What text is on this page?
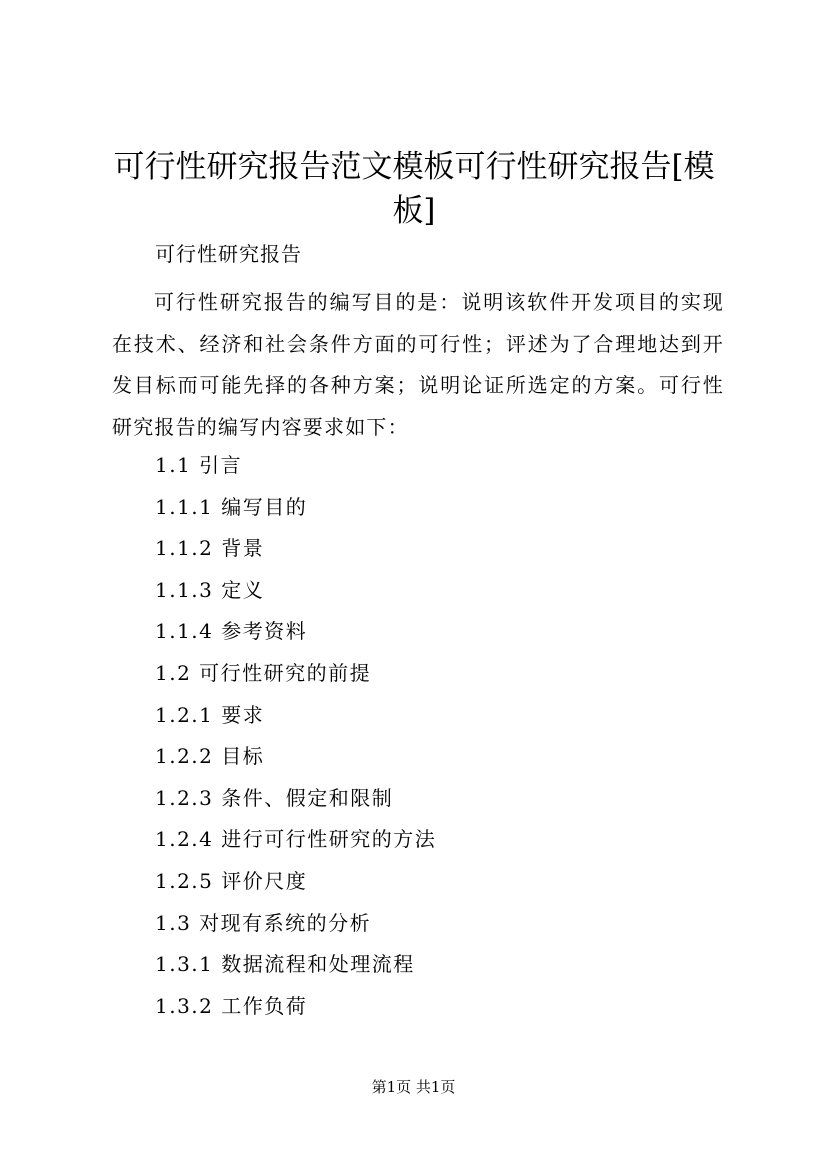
可行性研究报告范文模板可行性研究报告[模板]

可行性研究报告

可行性研究报告的编写目的是：说明该软件开发项目的实现在技术、经济和社会条件方面的可行性；评述为了合理地达到开发目标而可能先择的各种方案；说明论证所选定的方案。可行性研究报告的编写内容要求如下：

1.1 引言
1.1.1 编写目的
1.1.2 背景
1.1.3 定义
1.1.4 参考资料
1.2 可行性研究的前提
1.2.1 要求
1.2.2 目标
1.2.3 条件、假定和限制
1.2.4 进行可行性研究的方法
1.2.5 评价尺度
1.3 对现有系统的分析
1.3.1 数据流程和处理流程
1.3.2 工作负荷

第1页 共1页
